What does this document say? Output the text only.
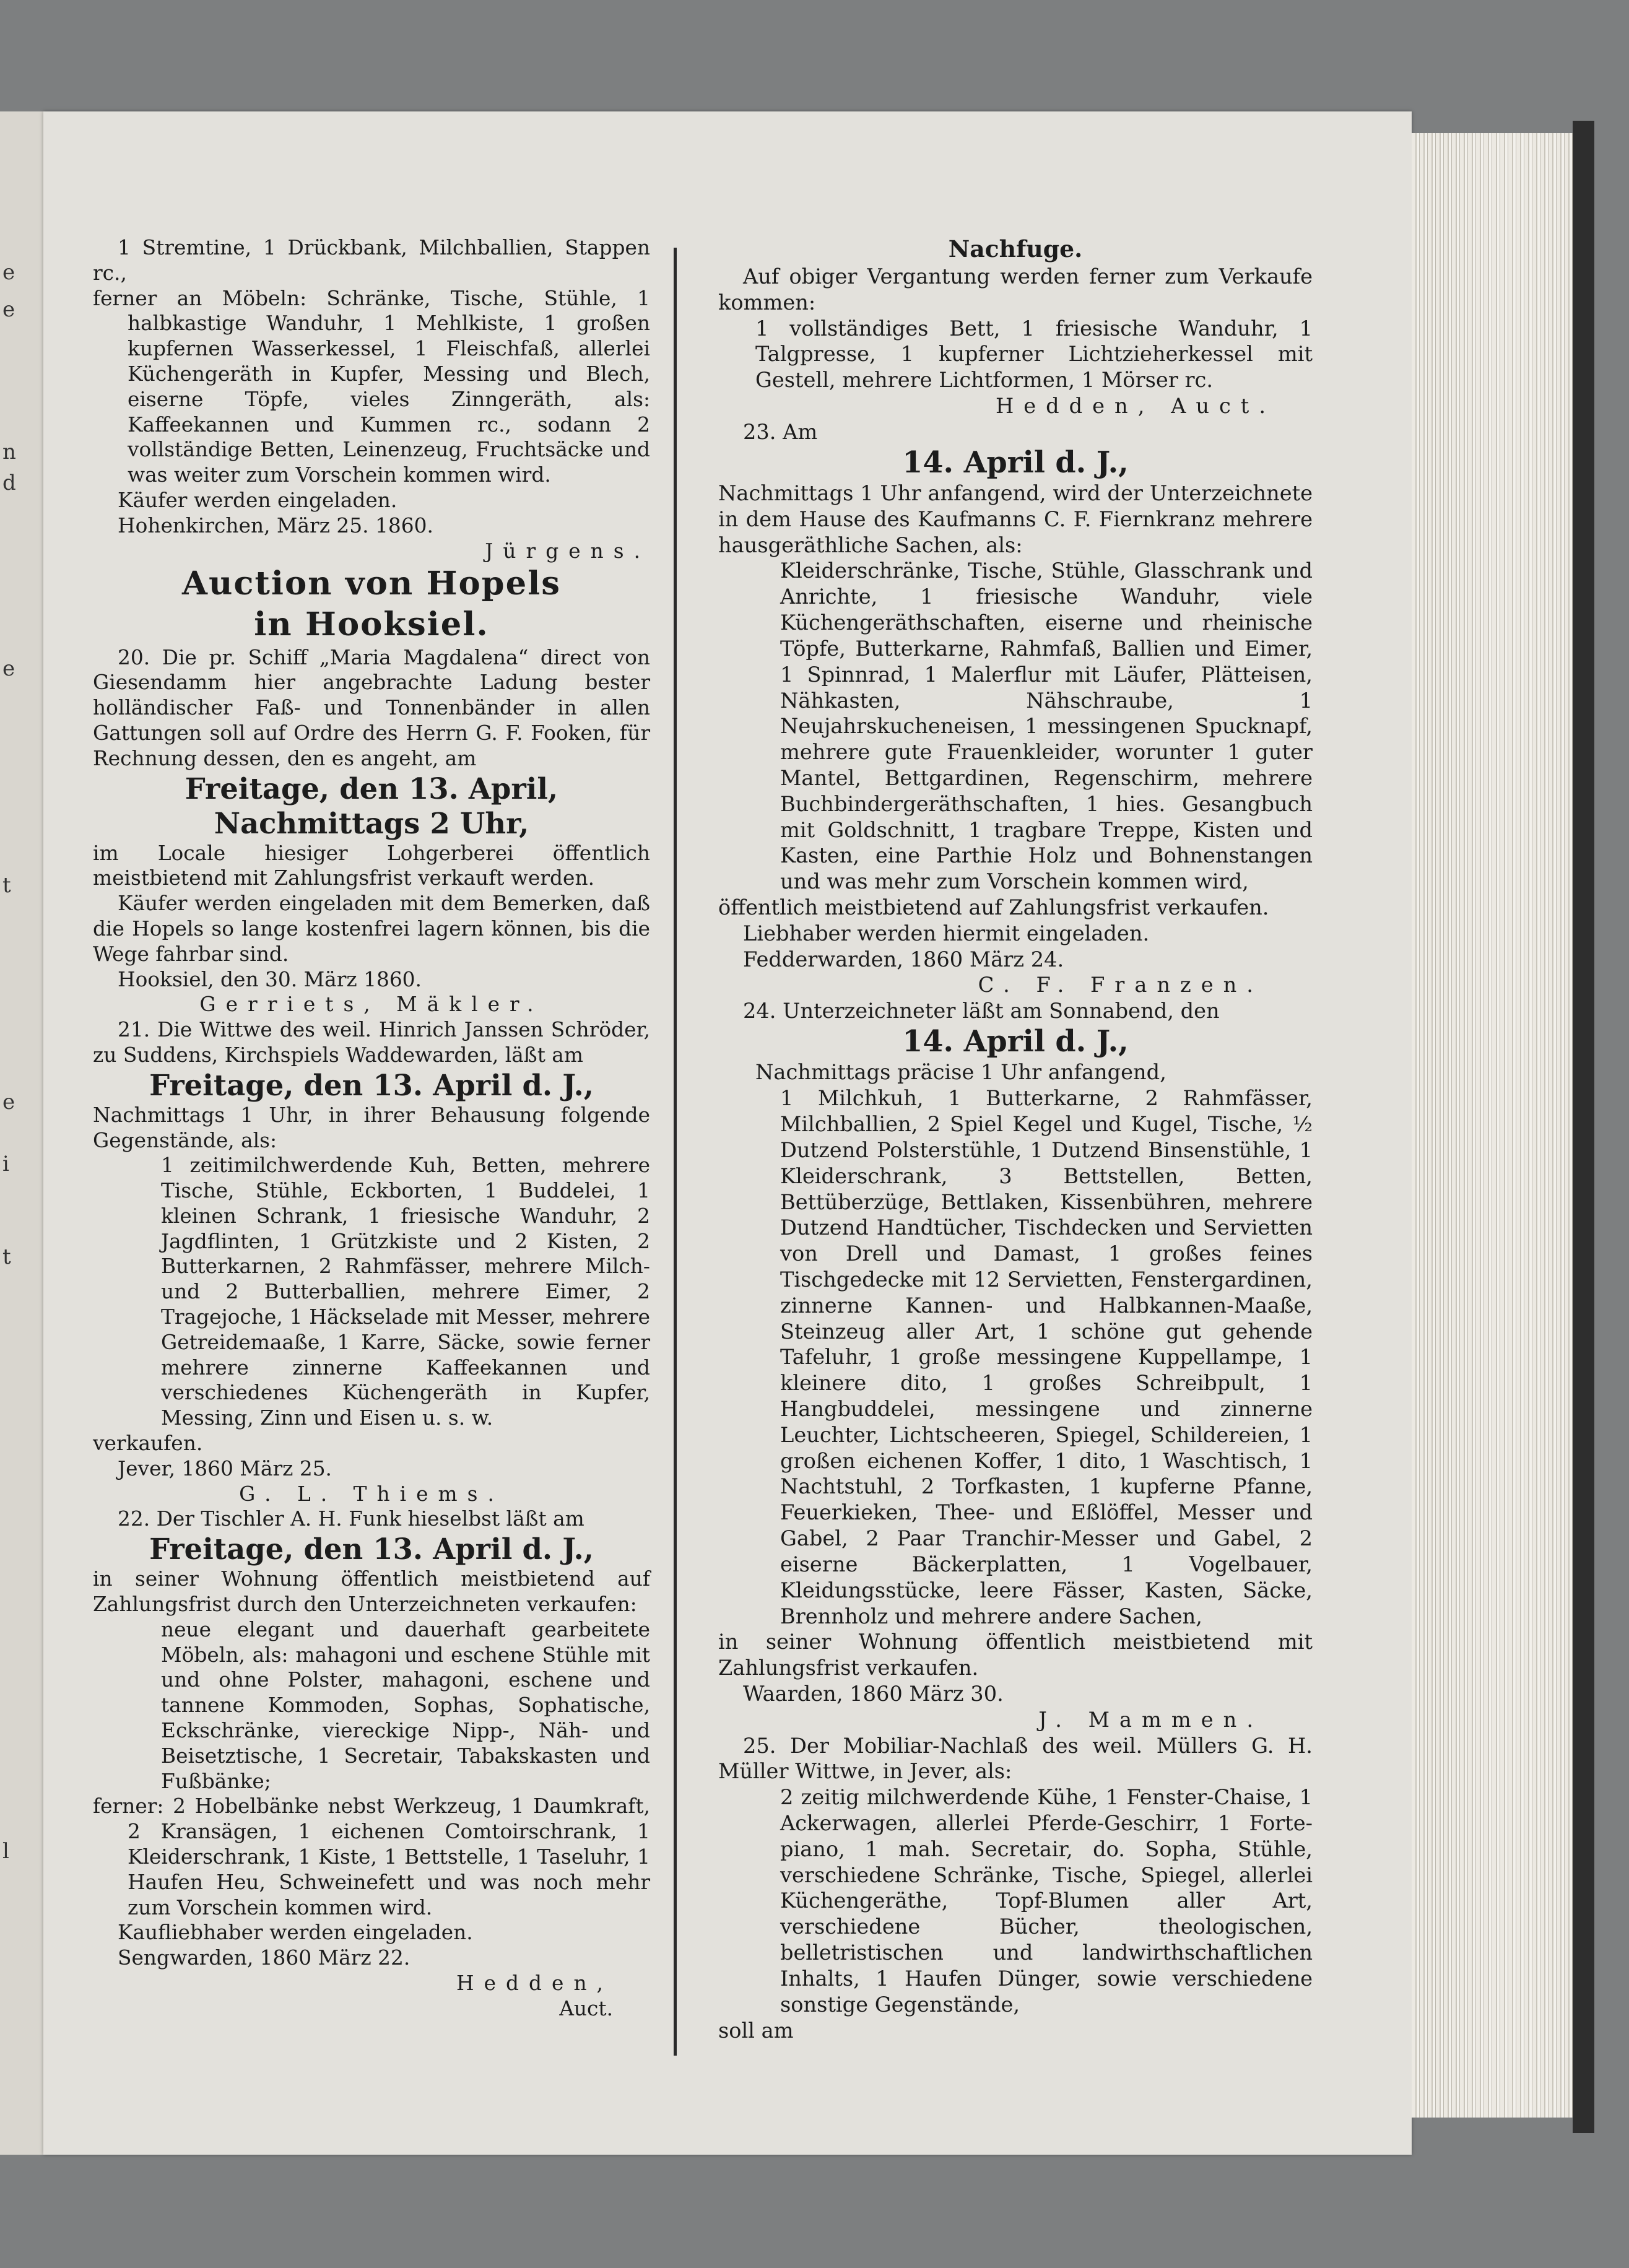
e
e
n
d
e
t
e
i
t
l

1 Stremtine, 1 Drückbank, Milchballien, Stappen rc.,

ferner an Möbeln: Schränke, Tische, Stühle, 1 halbkastige Wanduhr, 1 Mehlkiste, 1 großen kupfernen Wasserkessel, 1 Fleischfaß, allerlei Küchengeräth in Kupfer, Messing und Blech, eiserne Töpfe, vieles Zinngeräth, als: Kaffeekannen und Kummen rc., sodann 2 vollständige Betten, Leinenzeug, Fruchtsäcke und was weiter zum Vorschein kommen wird.

Käufer werden eingeladen.

Hohenkirchen, März 25. 1860.

Jürgens.

Auction von Hopels

in Hooksiel.

20. Die pr. Schiff „Maria Magdalena“ direct von Giesendamm hier angebrachte Ladung bester holländischer Faß- und Tonnenbänder in allen Gattungen soll auf Ordre des Herrn G. F. Fooken, für Rechnung dessen, den es angeht, am

Freitage, den 13. April,

Nachmittags 2 Uhr,

im Locale hiesiger Lohgerberei öffentlich meistbietend mit Zahlungsfrist verkauft werden.

Käufer werden eingeladen mit dem Bemerken, daß die Hopels so lange kostenfrei lagern können, bis die Wege fahrbar sind.

Hooksiel, den 30. März 1860.

Gerriets, Mäkler.

21. Die Wittwe des weil. Hinrich Janssen Schröder, zu Suddens, Kirchspiels Waddewarden, läßt am

Freitage, den 13. April d. J.,

Nachmittags 1 Uhr, in ihrer Behausung folgende Gegenstände, als:

1 zeitimilchwerdende Kuh, Betten, mehrere Tische, Stühle, Eckborten, 1 Buddelei, 1 kleinen Schrank, 1 friesische Wanduhr, 2 Jagdflinten, 1 Grützkiste und 2 Kisten, 2 Butterkarnen, 2 Rahmfässer, mehrere Milch- und 2 Butterballien, mehrere Eimer, 2 Tragejoche, 1 Häckselade mit Messer, mehrere Getreidemaaße, 1 Karre, Säcke, sowie ferner mehrere zinnerne Kaffeekannen und verschiedenes Küchengeräth in Kupfer, Messing, Zinn und Eisen u. s. w.

verkaufen.

Jever, 1860 März 25.

G. L. Thiems.

22. Der Tischler A. H. Funk hieselbst läßt am

Freitage, den 13. April d. J.,

in seiner Wohnung öffentlich meistbietend auf Zahlungsfrist durch den Unterzeichneten verkaufen:

neue elegant und dauerhaft gearbeitete Möbeln, als: mahagoni und eschene Stühle mit und ohne Polster, mahagoni, eschene und tannene Kommoden, Sophas, Sophatische, Eckschränke, viereckige Nipp-, Näh- und Beisetztische, 1 Secretair, Tabakskasten und Fußbänke;

ferner: 2 Hobelbänke nebst Werkzeug, 1 Daumkraft, 2 Kransägen, 1 eichenen Comtoirschrank, 1 Kleiderschrank, 1 Kiste, 1 Bettstelle, 1 Taseluhr, 1 Haufen Heu, Schweinefett und was noch mehr zum Vorschein kommen wird.

Kaufliebhaber werden eingeladen.

Sengwarden, 1860 März 22.

Hedden,

Auct.

Nachfuge.

Auf obiger Vergantung werden ferner zum Verkaufe kommen:

1 vollständiges Bett, 1 friesische Wanduhr, 1 Talgpresse, 1 kupferner Lichtzieherkessel mit Gestell, mehrere Lichtformen, 1 Mörser rc.

Hedden, Auct.

23. Am

14. April d. J.,

Nachmittags 1 Uhr anfangend, wird der Unterzeichnete in dem Hause des Kaufmanns C. F. Fiernkranz mehrere hausgeräthliche Sachen, als:

Kleiderschränke, Tische, Stühle, Glasschrank und Anrichte, 1 friesische Wanduhr, viele Küchengeräthschaften, eiserne und rheinische Töpfe, Butterkarne, Rahmfaß, Ballien und Eimer, 1 Spinnrad, 1 Malerflur mit Läufer, Plätteisen, Nähkasten, Nähschraube, 1 Neujahrskucheneisen, 1 messingenen Spucknapf, mehrere gute Frauenkleider, worunter 1 guter Mantel, Bettgardinen, Regenschirm, mehrere Buchbindergeräthschaften, 1 hies. Gesangbuch mit Goldschnitt, 1 tragbare Treppe, Kisten und Kasten, eine Parthie Holz und Bohnenstangen und was mehr zum Vorschein kommen wird,

öffentlich meistbietend auf Zahlungsfrist verkaufen.

Liebhaber werden hiermit eingeladen.

Fedderwarden, 1860 März 24.

C. F. Franzen.

24. Unterzeichneter läßt am Sonnabend, den

14. April d. J.,

Nachmittags präcise 1 Uhr anfangend,

1 Milchkuh, 1 Butterkarne, 2 Rahmfässer, Milchballien, 2 Spiel Kegel und Kugel, Tische, ½ Dutzend Polsterstühle, 1 Dutzend Binsenstühle, 1 Kleiderschrank, 3 Bettstellen, Betten, Bettüberzüge, Bettlaken, Kissenbühren, mehrere Dutzend Handtücher, Tischdecken und Servietten von Drell und Damast, 1 großes feines Tischgedecke mit 12 Servietten, Fenstergardinen, zinnerne Kannen- und Halbkannen-Maaße, Steinzeug aller Art, 1 schöne gut gehende Tafeluhr, 1 große messingene Kuppellampe, 1 kleinere dito, 1 großes Schreibpult, 1 Hangbuddelei, messingene und zinnerne Leuchter, Lichtscheeren, Spiegel, Schildereien, 1 großen eichenen Koffer, 1 dito, 1 Waschtisch, 1 Nachtstuhl, 2 Torfkasten, 1 kupferne Pfanne, Feuerkieken, Thee- und Eßlöffel, Messer und Gabel, 2 Paar Tranchir-Messer und Gabel, 2 eiserne Bäckerplatten, 1 Vogelbauer, Kleidungsstücke, leere Fässer, Kasten, Säcke, Brennholz und mehrere andere Sachen,

in seiner Wohnung öffentlich meistbietend mit Zahlungsfrist verkaufen.

Waarden, 1860 März 30.

J. Mammen.

25. Der Mobiliar-Nachlaß des weil. Müllers G. H. Müller Wittwe, in Jever, als:

2 zeitig milchwerdende Kühe, 1 Fenster-Chaise, 1 Ackerwagen, allerlei Pferde-Geschirr, 1 Forte-piano, 1 mah. Secretair, do. Sopha, Stühle, verschiedene Schränke, Tische, Spiegel, allerlei Küchengeräthe, Topf-Blumen aller Art, verschiedene Bücher, theologischen, belletristischen und landwirthschaftlichen Inhalts, 1 Haufen Dünger, sowie verschiedene sonstige Gegenstände,

soll am
